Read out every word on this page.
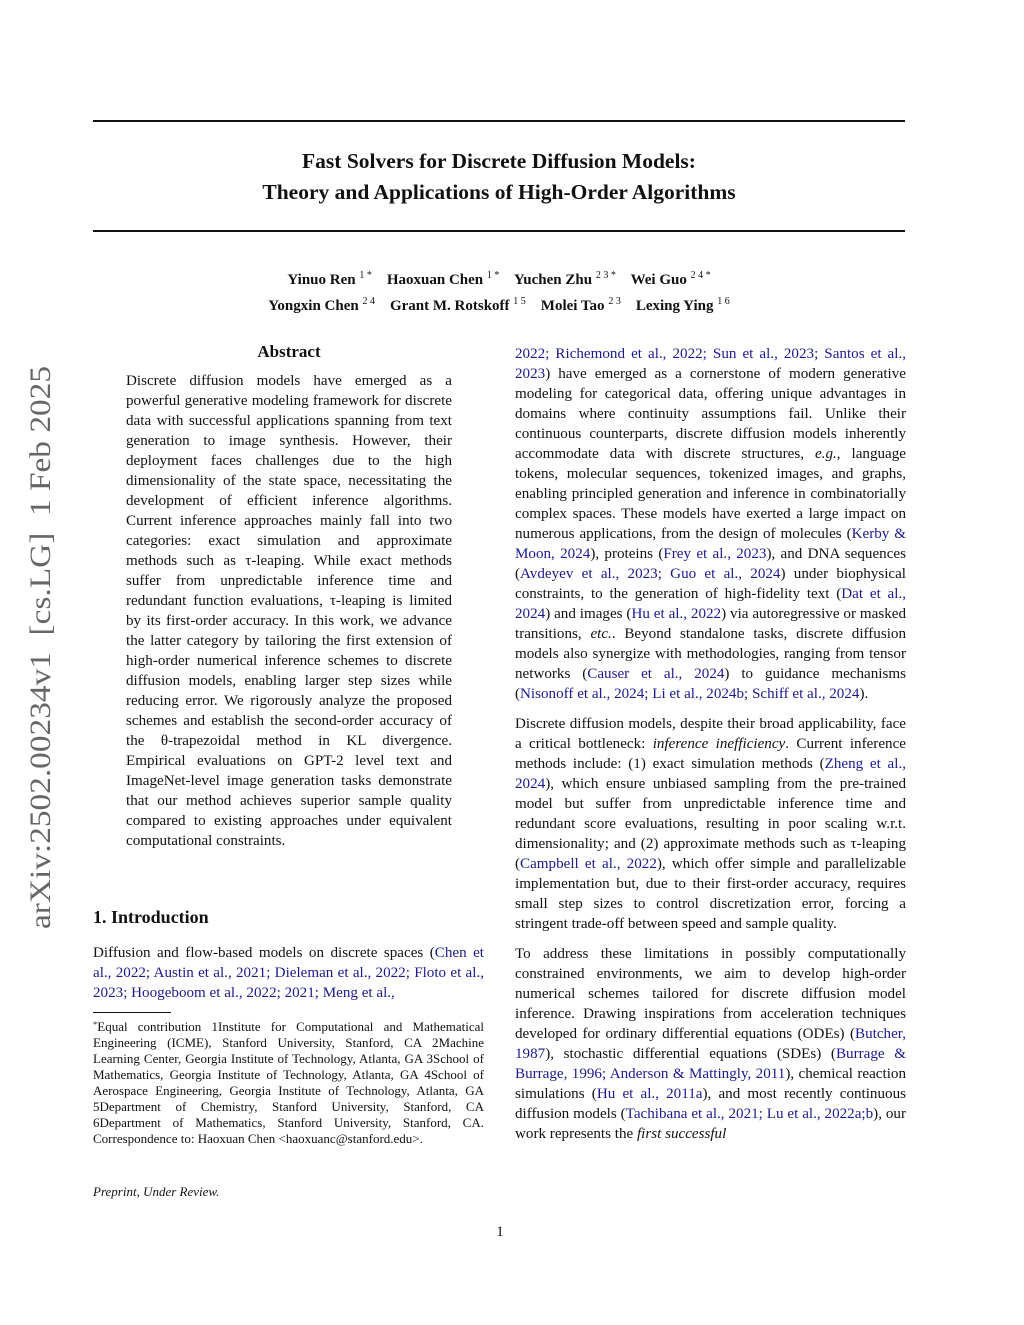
arXiv:2502.00234v1  [cs.LG]  1 Feb 2025
Fast Solvers for Discrete Diffusion Models:
Theory and Applications of High-Order Algorithms
Yinuo Ren $^{1 *}$ Haoxuan Chen $^{1 *}$ Yuchen Zhu $^{2 3 *}$ Wei Guo $^{2 4 *}$
Yongxin Chen $^{2 4}$ Grant M. Rotskoff $^{1 5}$ Molei Tao $^{2 3}$ Lexing Ying $^{1 6}$
Abstract
Discrete diffusion models have emerged as a powerful generative modeling framework for discrete data with successful applications spanning from text generation to image synthesis. However, their deployment faces challenges due to the high dimensionality of the state space, necessitating the development of efficient inference algorithms. Current inference approaches mainly fall into two categories: exact simulation and approximate methods such as τ-leaping. While exact methods suffer from unpredictable inference time and redundant function evaluations, τ-leaping is limited by its first-order accuracy. In this work, we advance the latter category by tailoring the first extension of high-order numerical inference schemes to discrete diffusion models, enabling larger step sizes while reducing error. We rigorously analyze the proposed schemes and establish the second-order accuracy of the θ-trapezoidal method in KL divergence. Empirical evaluations on GPT-2 level text and ImageNet-level image generation tasks demonstrate that our method achieves superior sample quality compared to existing approaches under equivalent computational constraints.
1. Introduction

Diffusion and flow-based models on discrete spaces (Chen et al., 2022; Austin et al., 2021; Dieleman et al., 2022; Floto et al., 2023; Hoogeboom et al., 2022; 2021; Meng et al.,

*Equal contribution 1Institute for Computational and Mathematical Engineering (ICME), Stanford University, Stanford, CA 2Machine Learning Center, Georgia Institute of Technology, Atlanta, GA 3School of Mathematics, Georgia Institute of Technology, Atlanta, GA 4School of Aerospace Engineering, Georgia Institute of Technology, Atlanta, GA 5Department of Chemistry, Stanford University, Stanford, CA 6Department of Mathematics, Stanford University, Stanford, CA. Correspondence to: Haoxuan Chen <haoxuanc@stanford.edu>.
Preprint, Under Review.

2022; Richemond et al., 2022; Sun et al., 2023; Santos et al., 2023) have emerged as a cornerstone of modern generative modeling for categorical data, offering unique advantages in domains where continuity assumptions fail. Unlike their continuous counterparts, discrete diffusion models inherently accommodate data with discrete structures, e.g., language tokens, molecular sequences, tokenized images, and graphs, enabling principled generation and inference in combinatorially complex spaces. These models have exerted a large impact on numerous applications, from the design of molecules (Kerby & Moon, 2024), proteins (Frey et al., 2023), and DNA sequences (Avdeyev et al., 2023; Guo et al., 2024) under biophysical constraints, to the generation of high-fidelity text (Dat et al., 2024) and images (Hu et al., 2022) via autoregressive or masked transitions, etc.. Beyond standalone tasks, discrete diffusion models also synergize with methodologies, ranging from tensor networks (Causer et al., 2024) to guidance mechanisms (Nisonoff et al., 2024; Li et al., 2024b; Schiff et al., 2024).

Discrete diffusion models, despite their broad applicability, face a critical bottleneck: inference inefficiency. Current inference methods include: (1) exact simulation methods (Zheng et al., 2024), which ensure unbiased sampling from the pre-trained model but suffer from unpredictable inference time and redundant score evaluations, resulting in poor scaling w.r.t. dimensionality; and (2) approximate methods such as τ-leaping (Campbell et al., 2022), which offer simple and parallelizable implementation but, due to their first-order accuracy, requires small step sizes to control discretization error, forcing a stringent trade-off between speed and sample quality.

To address these limitations in possibly computationally constrained environments, we aim to develop high-order numerical schemes tailored for discrete diffusion model inference. Drawing inspirations from acceleration techniques developed for ordinary differential equations (ODEs) (Butcher, 1987), stochastic differential equations (SDEs) (Burrage & Burrage, 1996; Anderson & Mattingly, 2011), chemical reaction simulations (Hu et al., 2011a), and most recently continuous diffusion models (Tachibana et al., 2021; Lu et al., 2022a;b), our work represents the first successful

1
